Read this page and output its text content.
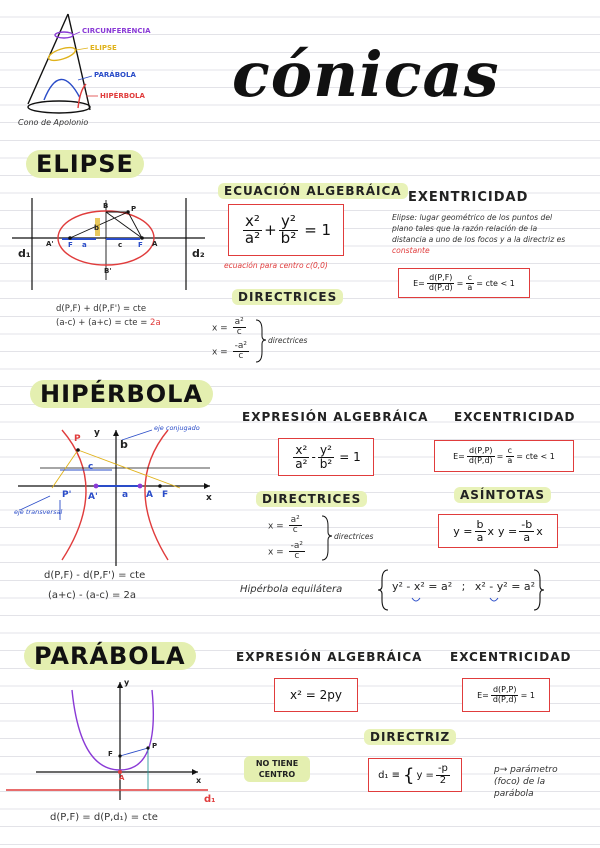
CIRCUNFERENCIA
ELIPSE
PARÁBOLA
HIPÉRBOLA
Cono de Apolonio
cónicas
ELIPSE
d₁	d₂
B
B'
P
A'	A
F a	c F
b
d(P,F) + d(P,F') = cte
(a-c) + (a+c) = cte = 2a
ECUACIÓN ALGEBRÁICA
$\frac{\text{x²}}{\text{a²}} + \frac{\text{y²}}{\text{b²}} = 1$
ecuación para centro c(0,0)
EXENTRICIDAD
Elipse: lugar geométrico de los puntos del plano tales que la razón relación de la distancia a uno de los focos y a la directriz es constante
$E= \frac{d(P,F)}{d(P,d)} = \frac{c}{a}$ = cte < 1
DIRECTRICES
$x = \frac{\text{a²}}{c}$
$x = \frac{\text{-a²}}{c}$
directrices
HIPÉRBOLA
y
x
P	b
c
P' A'	a A F
eje conjugado
eje transversal
d(P,F) - d(P,F') = cte
(a+c) - (a-c) = 2a
EXPRESIÓN ALGEBRÁICA
$\frac{\text{x²}}{\text{a²}} - \frac{\text{y²}}{\text{b²}} = 1$
EXCENTRICIDAD
$E= \frac{d(P,P)}{d(P,d)} = \frac{c}{a}$ = cte < 1
DIRECTRICES
$x = \frac{\text{a²}}{c}$
$x = \frac{\text{-a²}}{c}$
directrices
ASÍNTOTAS
$y = \frac{b}{a}$ x $y = \frac{-b}{a}$ x
Hipérbola equilátera	y² - x² = a² ; x² - y² = a²
PARÁBOLA
y
x
F
P
A
d₁
d(P,F) = d(P,d₁) = cte
EXPRESIÓN ALGEBRÁICA
x² = 2py
EXCENTRICIDAD
$E= \frac{d(P,P)}{d(P,d)} = 1$
DIRECTRIZ
NO TIENE CENTRO	d₁ ≡ { $y = \frac{-p}{2}$	p→ parámetro (foco) de la parábola
